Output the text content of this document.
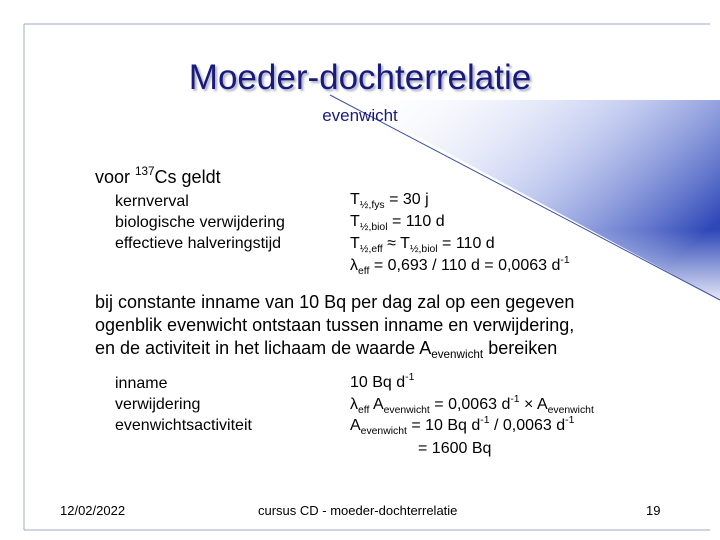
Moeder-dochterrelatie
evenwicht
voor $^{137}$Cs geldt
kernverval
biologische verwijdering
effectieve halveringstijd
$T_{\frac{1}{2},fys} = 30$ j
$T_{\frac{1}{2},biol} = 110$ d
$T_{\frac{1}{2},eff} \approx T_{\frac{1}{2},biol} = 110$ d
$\lambda_{eff} = 0,693 / 110$ d = 0,0063 $d^{-1}$
bij constante inname van 10 Bq per dag zal op een gegeven
ogenblik evenwicht ontstaan tussen inname en verwijdering,
en de activiteit in het lichaam de waarde $A_{evenwicht}$ bereiken
inname
verwijdering
evenwichtsactiviteit
10 Bq $d^{-1}$
$\lambda_{eff}$ $A_{evenwicht} = 0,0063$ $d^{-1} \times A_{evenwicht}$
$A_{evenwicht} = 10$ Bq $d^{-1} / 0,0063$ $d^{-1}$
= 1600 Bq
12/02/2022	cursus CD - moeder-dochterrelatie	19
